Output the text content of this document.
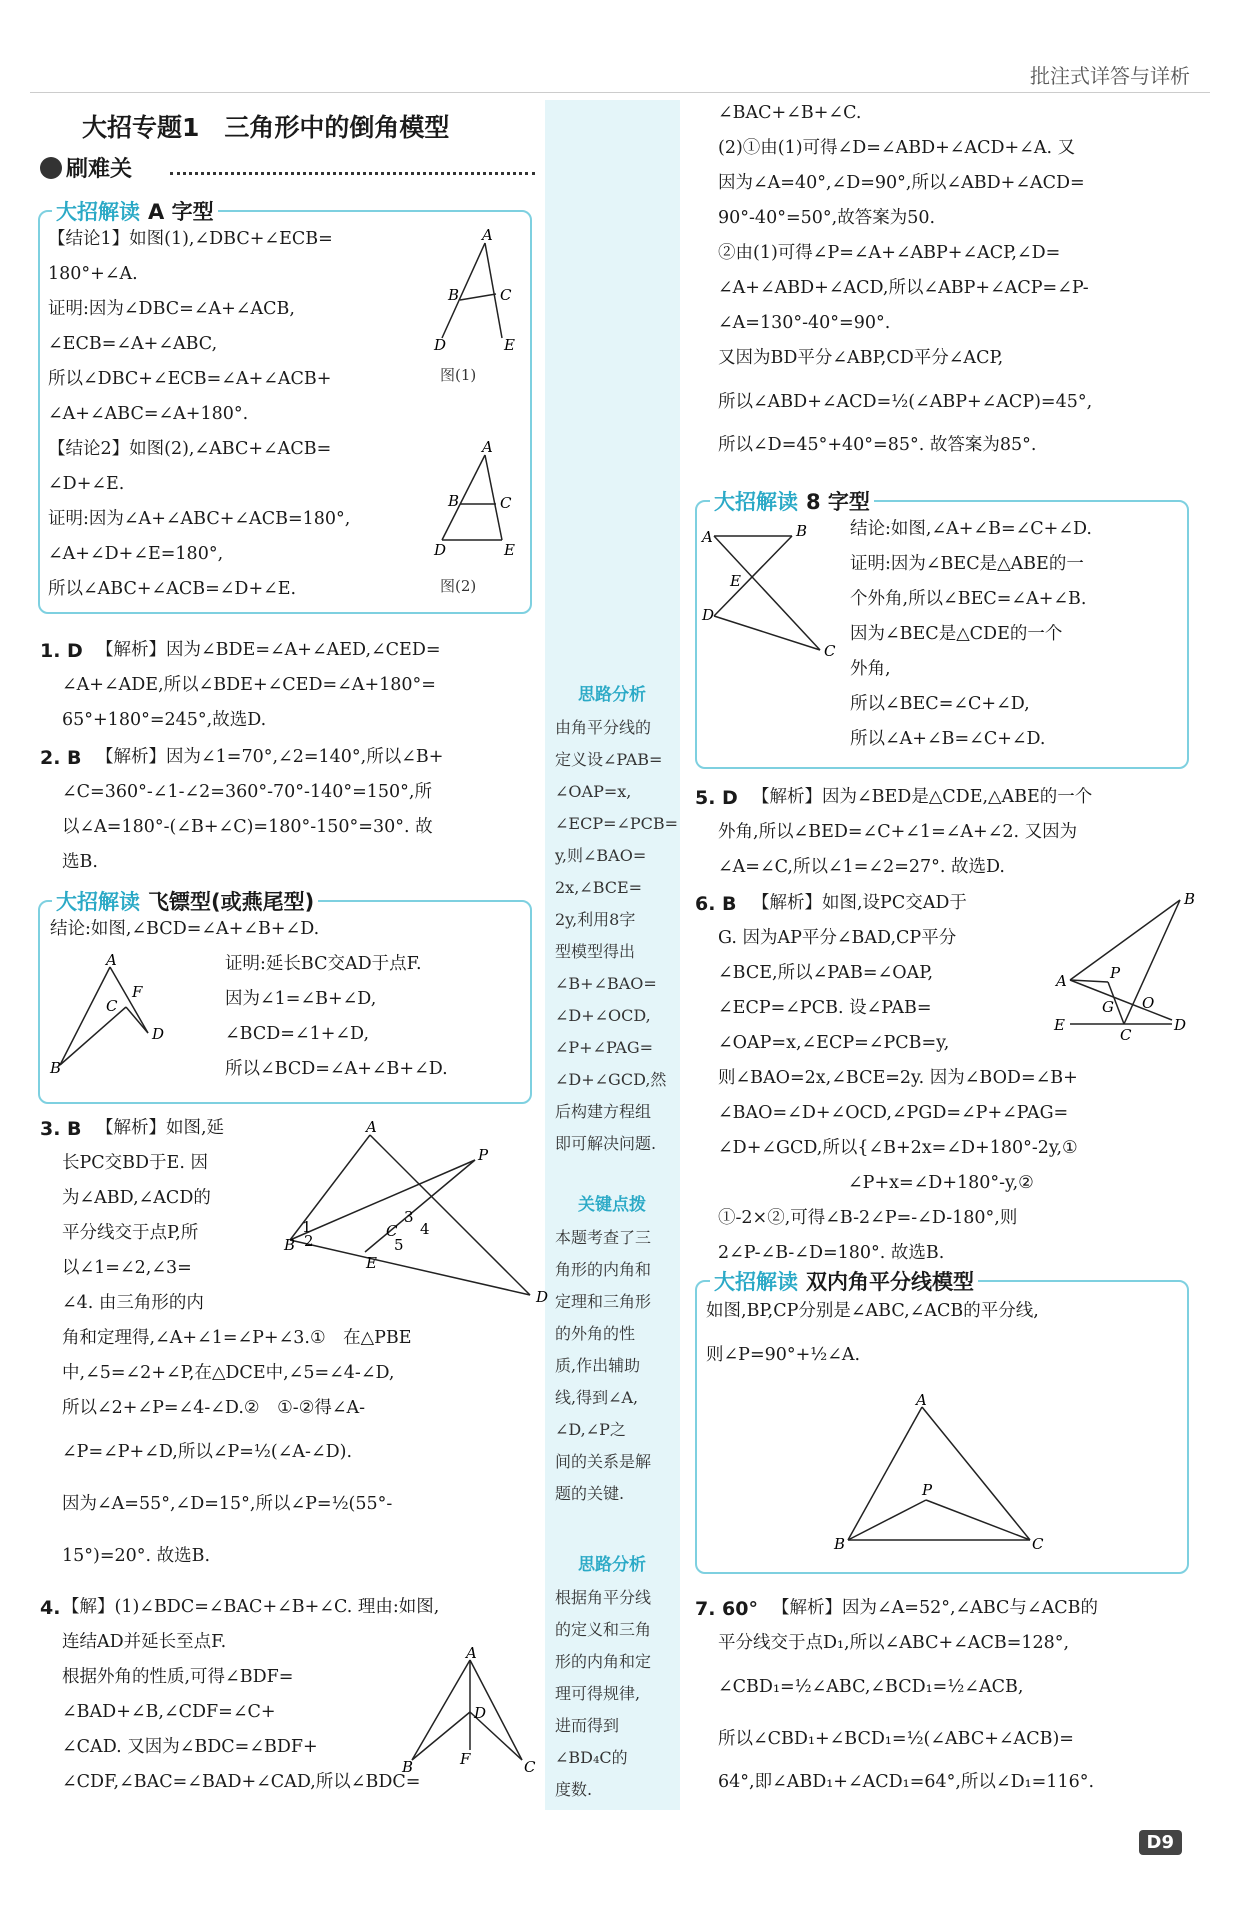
批注式详答与详析
大招专题1　三角形中的倒角模型
刷难关
大招解读 A 字型

【结论1】如图(1),∠DBC+∠ECB=

180°+∠A.

证明:因为∠DBC=∠A+∠ACB,

∠ECB=∠A+∠ABC,

所以∠DBC+∠ECB=∠A+∠ACB+

∠A+∠ABC=∠A+180°.

【结论2】如图(2),∠ABC+∠ACB=

∠D+∠E.

证明:因为∠A+∠ABC+∠ACB=180°,

∠A+∠D+∠E=180°,

所以∠ABC+∠ACB=∠D+∠E.

A
B	C
D	E
图(1)
A
B	C
D	E
图(2)
1. D 【解析】因为∠BDE=∠A+∠AED,∠CED=

∠A+∠ADE,所以∠BDE+∠CED=∠A+180°=

65°+180°=245°,故选D.

2. B 【解析】因为∠1=70°,∠2=140°,所以∠B+

∠C=360°-∠1-∠2=360°-70°-140°=150°,所

以∠A=180°-(∠B+∠C)=180°-150°=30°. 故

选B.

大招解读 飞镖型(或燕尾型)
结论:如图,∠BCD=∠A+∠B+∠D.
A
B
C
F
D

证明:延长BC交AD于点F.

因为∠1=∠B+∠D,

∠BCD=∠1+∠D,

所以∠BCD=∠A+∠B+∠D.

3. B 【解析】如图,延

长PC交BD于E. 因

为∠ABD,∠ACD的

平分线交于点P,所

以∠1=∠2,∠3=

∠4. 由三角形的内

角和定理得,∠A+∠1=∠P+∠3.①　在△PBE

中,∠5=∠2+∠P,在△DCE中,∠5=∠4-∠D,

所以∠2+∠P=∠4-∠D.②　①-②得∠A-

∠P=∠P+∠D,所以∠P=½(∠A-∠D).

因为∠A=55°,∠D=15°,所以∠P=½(55°-

15°)=20°. 故选B.

A
B
C
D
E
P
1
2
3
4
5
4. 【解】(1)∠BDC=∠BAC+∠B+∠C. 理由:如图,

连结AD并延长至点F.

根据外角的性质,可得∠BDF=

∠BAD+∠B,∠CDF=∠C+

∠CAD. 又因为∠BDC=∠BDF+

∠CDF,∠BAC=∠BAD+∠CAD,所以∠BDC=

A
B	C
D
F
思路分析
由角平分线的
定义设∠PAB=
∠OAP=x,
∠ECP=∠PCB=
y,则∠BAO=
2x,∠BCE=
2y,利用8字
型模型得出
∠B+∠BAO=
∠D+∠OCD,
∠P+∠PAG=
∠D+∠GCD,然
后构建方程组
即可解决问题.
关键点拨
本题考查了三
角形的内角和
定理和三角形
的外角的性
质,作出辅助
线,得到∠A,
∠D,∠P之
间的关系是解
题的关键.
思路分析
根据角平分线
的定义和三角
形的内角和定
理可得规律,
进而得到
∠BD₄C的
度数.

∠BAC+∠B+∠C.

(2)①由(1)可得∠D=∠ABD+∠ACD+∠A. 又

因为∠A=40°,∠D=90°,所以∠ABD+∠ACD=

90°-40°=50°,故答案为50.

②由(1)可得∠P=∠A+∠ABP+∠ACP,∠D=

∠A+∠ABD+∠ACD,所以∠ABP+∠ACP=∠P-

∠A=130°-40°=90°.

又因为BD平分∠ABP,CD平分∠ACP,

所以∠ABD+∠ACD=½(∠ABP+∠ACP)=45°,

所以∠D=45°+40°=85°. 故答案为85°.

大招解读 8 字型
A	B
C
D
E

结论:如图,∠A+∠B=∠C+∠D.

证明:因为∠BEC是△ABE的一

个外角,所以∠BEC=∠A+∠B.

因为∠BEC是△CDE的一个

外角,

所以∠BEC=∠C+∠D,

所以∠A+∠B=∠C+∠D.

5. D 【解析】因为∠BED是△CDE,△ABE的一个

外角,所以∠BED=∠C+∠1=∠A+∠2. 又因为

∠A=∠C,所以∠1=∠2=27°. 故选D.

6. B 【解析】如图,设PC交AD于

G. 因为AP平分∠BAD,CP平分

∠BCE,所以∠PAB=∠OAP,

∠ECP=∠PCB. 设∠PAB=

∠OAP=x,∠ECP=∠PCB=y,

则∠BAO=2x,∠BCE=2y. 因为∠BOD=∠B+

∠BAO=∠D+∠OCD,∠PGD=∠P+∠PAG=

∠D+∠GCD,所以{∠B+2x=∠D+180°-2y,①

∠P+x=∠D+180°-y,②

①-2×②,可得∠B-2∠P=-∠D-180°,则

2∠P-∠B-∠D=180°. 故选B.

B
A	P
G O
D
C
E
大招解读 双内角平分线模型

如图,BP,CP分别是∠ABC,∠ACB的平分线,

则∠P=90°+½∠A.

A
B	C
P
7. 60° 【解析】因为∠A=52°,∠ABC与∠ACB的

平分线交于点D₁,所以∠ABC+∠ACB=128°,

∠CBD₁=½∠ABC,∠BCD₁=½∠ACB,

所以∠CBD₁+∠BCD₁=½(∠ABC+∠ACB)=

64°,即∠ABD₁+∠ACD₁=64°,所以∠D₁=116°.

D9
